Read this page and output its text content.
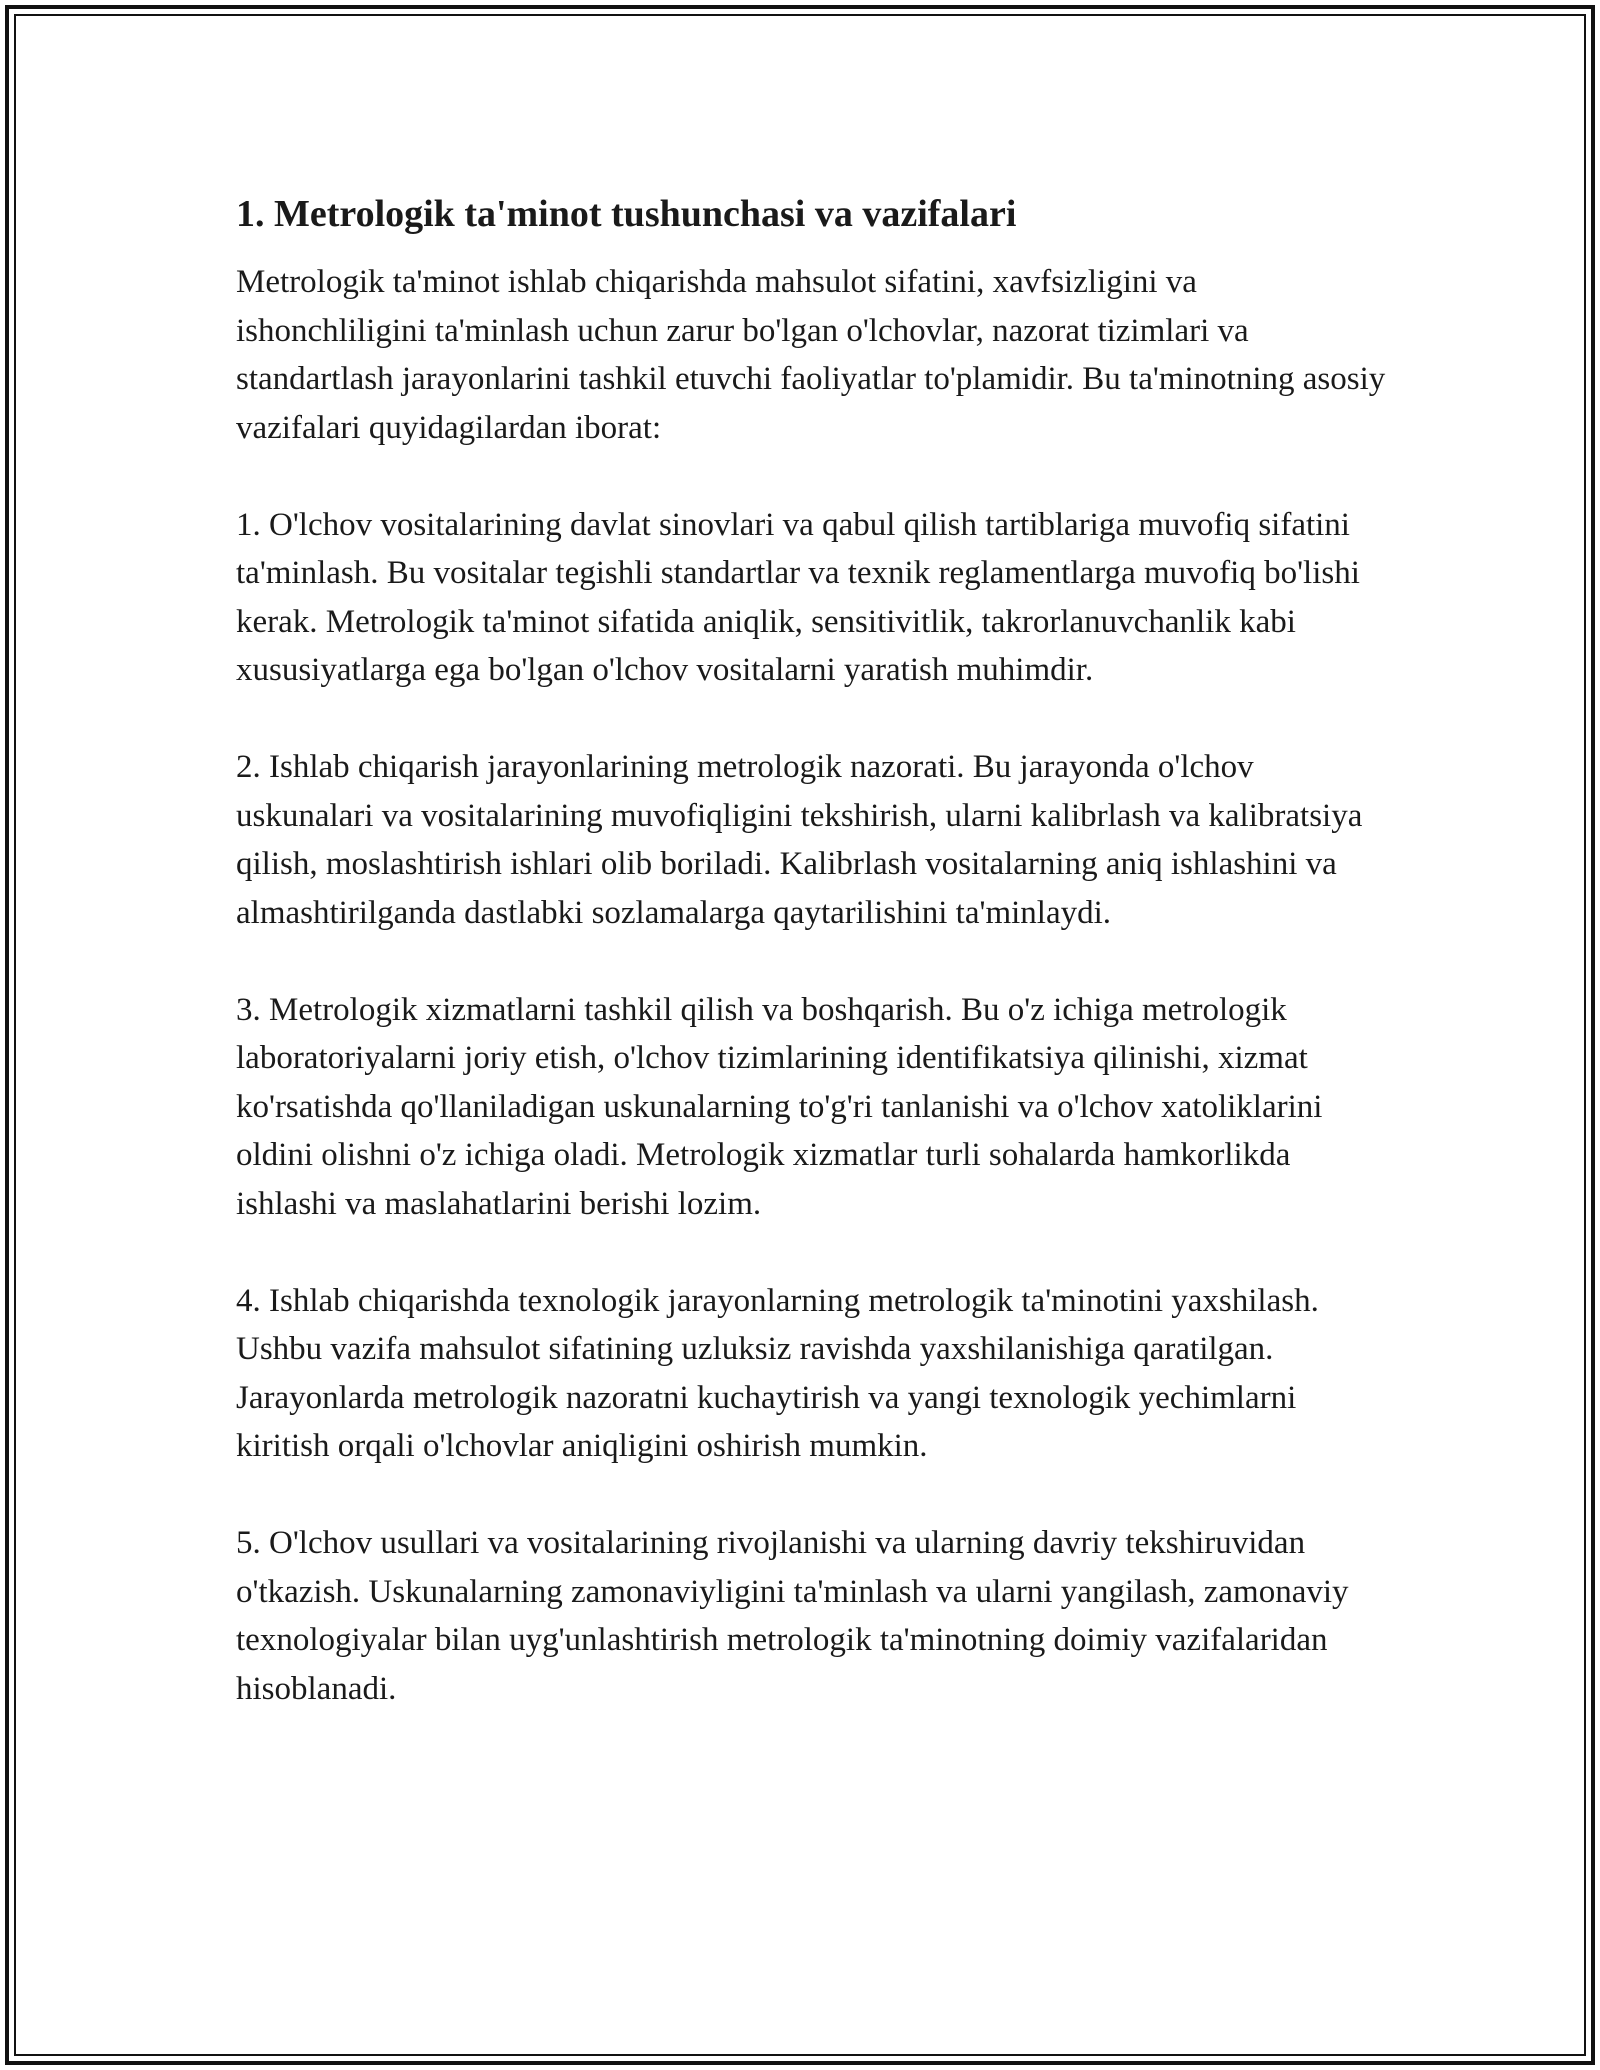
1. Metrologik ta'minot tushunchasi va vazifalari

Metrologik ta'minot ishlab chiqarishda mahsulot sifatini, xavfsizligini va ishonchliligini ta'minlash uchun zarur bo'lgan o'lchovlar, nazorat tizimlari va standartlash jarayonlarini tashkil etuvchi faoliyatlar to'plamidir. Bu ta'minotning asosiy vazifalari quyidagilardan iborat:

1. O'lchov vositalarining davlat sinovlari va qabul qilish tartiblariga muvofiq sifatini ta'minlash. Bu vositalar tegishli standartlar va texnik reglamentlarga muvofiq bo'lishi kerak. Metrologik ta'minot sifatida aniqlik, sensitivitlik, takrorlanuvchanlik kabi xususiyatlarga ega bo'lgan o'lchov vositalarni yaratish muhimdir.

2. Ishlab chiqarish jarayonlarining metrologik nazorati. Bu jarayonda o'lchov uskunalari va vositalarining muvofiqligini tekshirish, ularni kalibrlash va kalibratsiya qilish, moslashtirish ishlari olib boriladi. Kalibrlash vositalarning aniq ishlashini va almashtirilganda dastlabki sozlamalarga qaytarilishini ta'minlaydi.

3. Metrologik xizmatlarni tashkil qilish va boshqarish. Bu o'z ichiga metrologik laboratoriyalarni joriy etish, o'lchov tizimlarining identifikatsiya qilinishi, xizmat ko'rsatishda qo'llaniladigan uskunalarning to'g'ri tanlanishi va o'lchov xatoliklarini oldini olishni o'z ichiga oladi. Metrologik xizmatlar turli sohalarda hamkorlikda ishlashi va maslahatlarini berishi lozim.

4. Ishlab chiqarishda texnologik jarayonlarning metrologik ta'minotini yaxshilash. Ushbu vazifa mahsulot sifatining uzluksiz ravishda yaxshilanishiga qaratilgan. Jarayonlarda metrologik nazoratni kuchaytirish va yangi texnologik yechimlarni kiritish orqali o'lchovlar aniqligini oshirish mumkin.

5. O'lchov usullari va vositalarining rivojlanishi va ularning davriy tekshiruvidan o'tkazish. Uskunalarning zamonaviyligini ta'minlash va ularni yangilash, zamonaviy texnologiyalar bilan uyg'unlashtirish metrologik ta'minotning doimiy vazifalaridan hisoblanadi.
